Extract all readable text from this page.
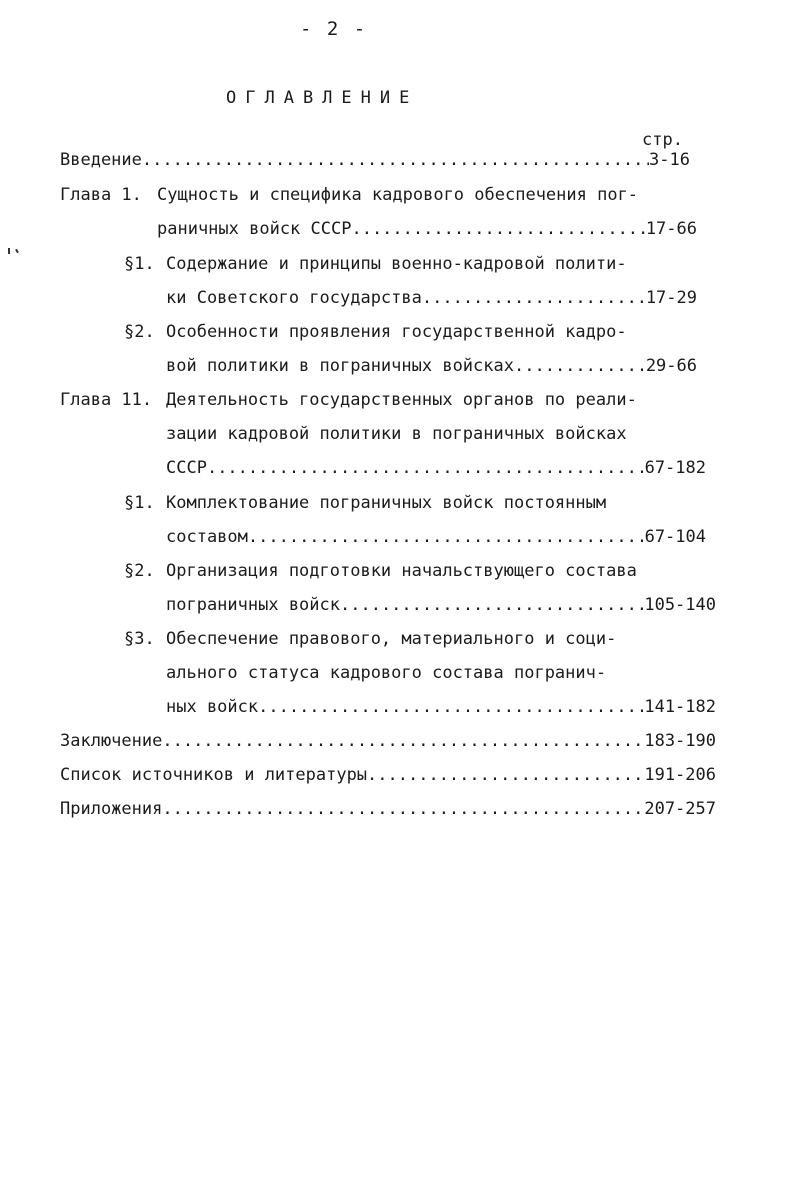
- 2 -
ОГЛАВЛЕНИЕ
стр.
Введение .....	3-16
Глава 1. Сущность и специфика кадрового обеспечения пог-
раничных войск СССР .....	17-66
§1. Содержание и принципы военно-кадровой полити-
ки Советского государства .....	17-29
§2. Особенности проявления государственной кадро-
вой политики в пограничных войсках .....	29-66
Глава 11. Деятельность государственных органов по реали-
зации кадровой политики в пограничных войсках
СССР .....	67-182
§1. Комплектование пограничных войск постоянным
составом .....	67-104
§2. Организация подготовки начальствующего состава
пограничных войск .....	105-140
§3. Обеспечение правового, материального и соци-
ального статуса кадрового состава погранич-
ных войск .....	141-182
Заключение .....	183-190
Список источников и литературы .....	191-206
Приложения .....	207-257
